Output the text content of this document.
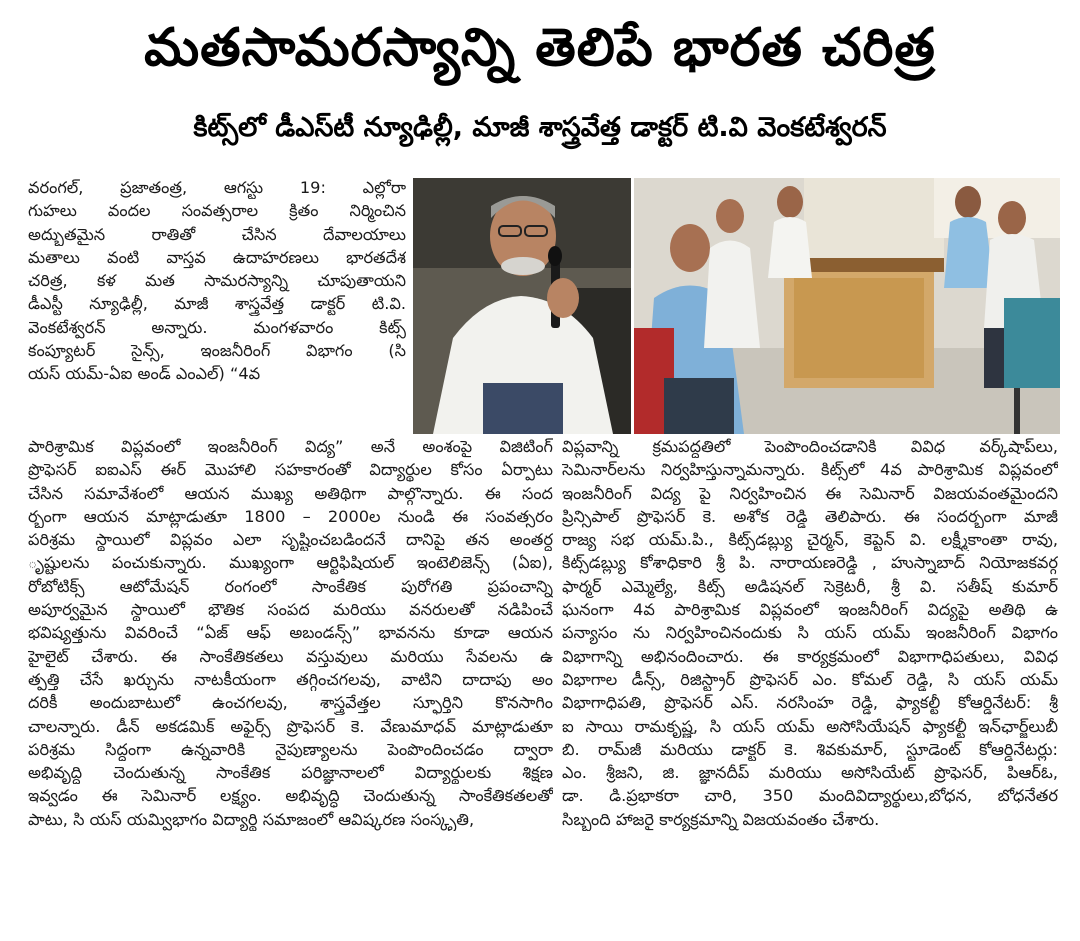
మతసామరస్యాన్ని తెలిపే భారత చరిత్ర
కిట్స్‌లో డీఎస్‌టీ న్యూఢిల్లీ, మాజీ శాస్త్రవేత్త డాక్టర్ టి.వి వెంకటేశ్వరన్
వరంగల్, ప్రజాతంత్ర, ఆగస్టు 19: ఎల్లోరా
గుహలు వందల సంవత్సరాల క్రితం నిర్మించిన
అద్భుతమైన రాతితో చేసిన దేవాలయాలు
మతాలు వంటి వాస్తవ ఉదాహరణలు భారతదేశ
చరిత్ర, కళ మత సామరస్యాన్ని చూపుతాయని
డీఎస్టీ న్యూఢిల్లీ, మాజీ శాస్త్రవేత్త డాక్టర్ టి.వి.
వెంకటేశ్వరన్ అన్నారు. మంగళవారం కిట్స్
కంప్యూటర్ సైన్స్, ఇంజనీరింగ్ విభాగం (సి
యస్ యమ్-ఏఐ అండ్ ఎంఎల్) “4వ
పారిశ్రామిక విప్లవంలో ఇంజనీరింగ్ విద్య” అనే అంశంపై విజిటింగ్
ప్రొఫెసర్ ఐఐఎస్ ఈర్ మొహాలి సహకారంతో విద్యార్థుల కోసం ఏర్పాటు
చేసిన సమావేశంలో ఆయన ముఖ్య అతిథిగా పాల్గొన్నారు. ఈ సంద
ర్భంగా ఆయన మాట్లాడుతూ 1800 – 2000ల నుండి ఈ సంవత్సరం
పరిశ్రమ స్థాయిలో విప్లవం ఎలా సృష్టించబడిందనే దానిపై తన అంతర్ద
ృష్టులను పంచుకున్నారు. ముఖ్యంగా ఆర్టిఫిషియల్ ఇంటెలిజెన్స్ (ఏఐ),
రోబోటిక్స్ ఆటోమేషన్ రంగంలో సాంకేతిక పురోగతి ప్రపంచాన్ని
అపూర్వమైన స్థాయిలో భౌతిక సంపద మరియు వనరులతో నడిపించే
భవిష్యత్తును వివరించే “ఏజ్ ఆఫ్ అబండన్స్” భావనను కూడా ఆయన
హైలైట్ చేశారు. ఈ సాంకేతికతలు వస్తువులు మరియు సేవలను ఉ
త్పత్తి చేసే ఖర్చును నాటకీయంగా తగ్గించగలవు, వాటిని దాదాపు అం
దరికీ అందుబాటులో ఉంచగలవు, శాస్త్రవేత్తల స్ఫూర్తిని కొనసాగిం
చాలన్నారు. డీన్ అకడమిక్ అఫైర్స్ ప్రొఫెసర్ కె. వేణుమాధవ్ మాట్లాడుతూ
పరిశ్రమ సిద్ధంగా ఉన్నవారికి నైపుణ్యాలను పెంపొందించడం ద్వారా
అభివృద్ధి చెందుతున్న సాంకేతిక పరిజ్ఞానాలలో విద్యార్థులకు శిక్షణ
ఇవ్వడం ఈ సెమినార్ లక్ష్యం. అభివృద్ధి చెందుతున్న సాంకేతికతలతో
పాటు, సి యస్ యమ్విభాగం విద్యార్థి సమాజంలో ఆవిష్కరణ సంస్కృతి,
విప్లవాన్ని క్రమపద్ధతిలో పెంపొందించడానికి వివిధ వర్క్‌షాప్‌లు,
సెమినార్‌లను నిర్వహిస్తున్నామన్నారు. కిట్స్‌లో 4వ పారిశ్రామిక విప్లవంలో
ఇంజనీరింగ్ విద్య పై నిర్వహించిన ఈ సెమినార్ విజయవంతమైందని
ప్రిన్సిపాల్ ప్రొఫెసర్ కె. అశోక రెడ్డి తెలిపారు. ఈ సందర్భంగా మాజీ
రాజ్య సభ యమ్.పి., కిట్స్‌డబ్ల్యు చైర్మన్, కెప్టెన్ వి. లక్ష్మీకాంతా రావు,
కిట్స్‌డబ్ల్యు కోశాధికారి శ్రీ పి. నారాయణరెడ్డి , హుస్నాబాద్ నియోజకవర్గ
ఫార్మర్ ఎమ్మెల్యే, కిట్స్ అడిషనల్ సెక్రెటరీ, శ్రీ వి. సతీష్ కుమార్
ఘనంగా 4వ పారిశ్రామిక విప్లవంలో ఇంజనీరింగ్ విద్యపై అతిథి ఉ
పన్యాసం ను నిర్వహించినందుకు సి యస్ యమ్ ఇంజనీరింగ్ విభాగం
విభాగాన్ని అభినందించారు. ఈ కార్యక్రమంలో విభాగాధిపతులు, వివిధ
విభాగాల డీన్స్, రిజిస్ట్రార్ ప్రొఫెసర్ ఎం. కోమల్ రెడ్డి, సి యస్ యమ్
విభాగాధిపతి, ప్రొఫెసర్ ఎస్. నరసింహ రెడ్డి, ఫ్యాకల్టీ కోఆర్డినేటర్: శ్రీ
ఐ సాయి రామకృష్ణ, సి యస్ యమ్ అసోసియేషన్ ఫ్యాకల్టీ ఇన్‌ఛార్జ్‌లుబీ
బి. రామ్‌జీ మరియు డాక్టర్ కె. శివకుమార్, స్టూడెంట్ కోఆర్డినేటర్లు:
ఎం. శ్రీజని, జి. జ్ఞానదీప్ మరియు అసోసియేట్ ప్రొఫెసర్, పిఆర్‌ఓ,
డా. డి.ప్రభాకరా చారి, 350 మందివిద్యార్థులు,బోధన, బోధనేతర
సిబ్బంది హాజరై కార్యక్రమాన్ని విజయవంతం చేశారు.
